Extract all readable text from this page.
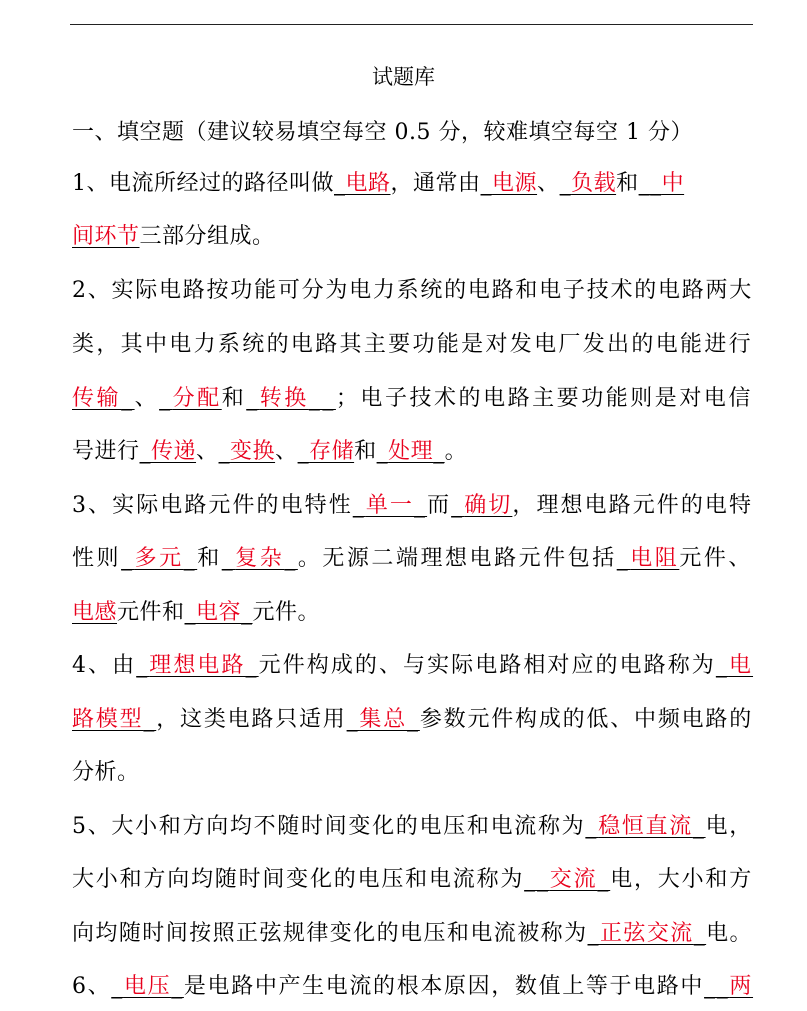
试题库
一、填空题（建议较易填空每空 0.5 分，较难填空每空 1 分）
1、电流所经过的路径叫做_电路，通常由_电源、_负载和__中
间环节三部分组成。
2、实际电路按功能可分为电力系统的电路和电子技术的电路两大
类，其中电力系统的电路其主要功能是对发电厂发出的电能进行
传输_、_分配和_转换__；电子技术的电路主要功能则是对电信
号进行_传递、_变换、_存储和_处理_。
3、实际电路元件的电特性_单一_而_确切，理想电路元件的电特
性则_多元_和_复杂_。无源二端理想电路元件包括_电阻元件、
电感元件和_电容_元件。
4、由_理想电路_元件构成的、与实际电路相对应的电路称为_电
路模型_，这类电路只适用_集总_参数元件构成的低、中频电路的
分析。
5、大小和方向均不随时间变化的电压和电流称为_稳恒直流_电，
大小和方向均随时间变化的电压和电流称为__交流_电，大小和方
向均随时间按照正弦规律变化的电压和电流被称为_正弦交流_电。
6、_电压_是电路中产生电流的根本原因，数值上等于电路中__两
